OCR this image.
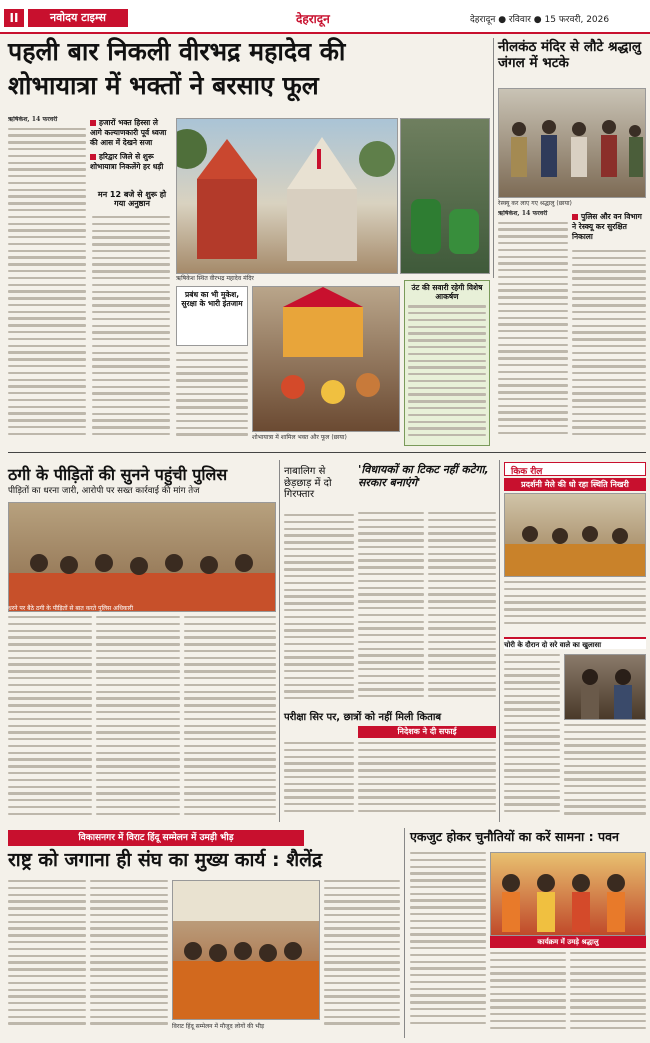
II	नवोदय टाइम्स	देहरादून	देहरादून ● रविवार ● 15 फरवरी, 2026
पहली बार निकली वीरभद्र महादेव की
शोभायात्रा में भक्तों ने बरसाए फूल
नीलकंठ मंदिर से लौटे श्रद्धालु जंगल में भटके
ऋषिकेश, 14 फरवरी	हजारों भक्त हिस्सा ले आगे कल्याणकारी पूर्व ध्वजा की आस में देखने सजा
हरिद्वार जिले से शुरू शोभायात्रा निकलेंगे हर धड़ी
मन 12 बजे से शुरू हो गया अनुष्ठान
ऋषिकेश स्थित वीरभद्र महादेव मंदिर
रेस्क्यू कर लाए गए श्रद्धालु (छाया)
ऋषिकेश, 14 फरवरी	पुलिस और वन विभाग ने रेस्क्यू कर सुरक्षित निकाला
प्रबंध का भी मुकेश, सुरक्षा के भारी इंतजाम
शोभायात्रा में शामिल भक्त और फूल (छाया)
उंट की सवारी रहेगी विशेष आकर्षण
ठगी के पीड़ितों की सुनने पहुंची पुलिस
पीड़ितों का धरना जारी, आरोपी पर सख्त कार्रवाई की मांग तेज
धरने पर बैठे ठगी के पीड़ितों से बात करते पुलिस अधिकारी
नाबालिग से छेड़छाड़ में दो गिरफ्तार
'विधायकों का टिकट नहीं कटेगा, सरकार बनाएंगे'
परीक्षा सिर पर, छात्रों को नहीं मिली किताब
निदेशक ने दी सफाई
किक रील
प्रदर्शनी मेले की धो रहा स्थिति निखरी
चोरी के दौरान दो सरे वाले का खुलासा
विकासनगर में विराट हिंदू सम्मेलन में उमड़ी भीड़
राष्ट्र को जगाना ही संघ का मुख्य कार्य : शैलेंद्र
विराट हिंदू सम्मेलन में मौजूद लोगों की भीड़
एकजुट होकर चुनौतियों का करें सामना : पवन
कार्यक्रम में उमड़े श्रद्धालु
